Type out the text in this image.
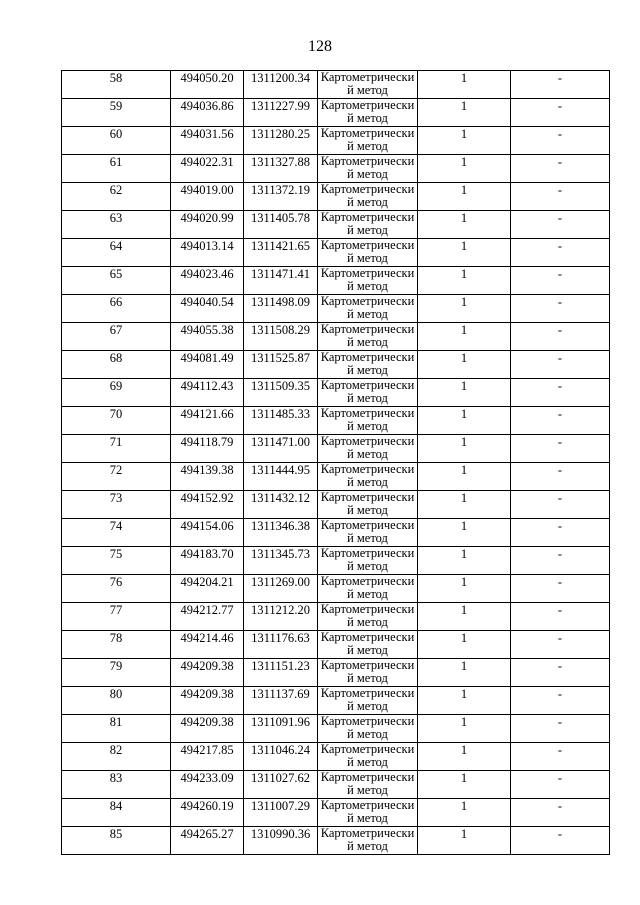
128
58	494050.20	1311200.34	Картометрически й метод	1	-
59	494036.86	1311227.99	Картометрически й метод	1	-
60	494031.56	1311280.25	Картометрически й метод	1	-
61	494022.31	1311327.88	Картометрически й метод	1	-
62	494019.00	1311372.19	Картометрически й метод	1	-
63	494020.99	1311405.78	Картометрически й метод	1	-
64	494013.14	1311421.65	Картометрически й метод	1	-
65	494023.46	1311471.41	Картометрически й метод	1	-
66	494040.54	1311498.09	Картометрически й метод	1	-
67	494055.38	1311508.29	Картометрически й метод	1	-
68	494081.49	1311525.87	Картометрически й метод	1	-
69	494112.43	1311509.35	Картометрически й метод	1	-
70	494121.66	1311485.33	Картометрически й метод	1	-
71	494118.79	1311471.00	Картометрически й метод	1	-
72	494139.38	1311444.95	Картометрически й метод	1	-
73	494152.92	1311432.12	Картометрически й метод	1	-
74	494154.06	1311346.38	Картометрически й метод	1	-
75	494183.70	1311345.73	Картометрически й метод	1	-
76	494204.21	1311269.00	Картометрически й метод	1	-
77	494212.77	1311212.20	Картометрически й метод	1	-
78	494214.46	1311176.63	Картометрически й метод	1	-
79	494209.38	1311151.23	Картометрически й метод	1	-
80	494209.38	1311137.69	Картометрически й метод	1	-
81	494209.38	1311091.96	Картометрически й метод	1	-
82	494217.85	1311046.24	Картометрически й метод	1	-
83	494233.09	1311027.62	Картометрически й метод	1	-
84	494260.19	1311007.29	Картометрически й метод	1	-
85	494265.27	1310990.36	Картометрически й метод	1	-
